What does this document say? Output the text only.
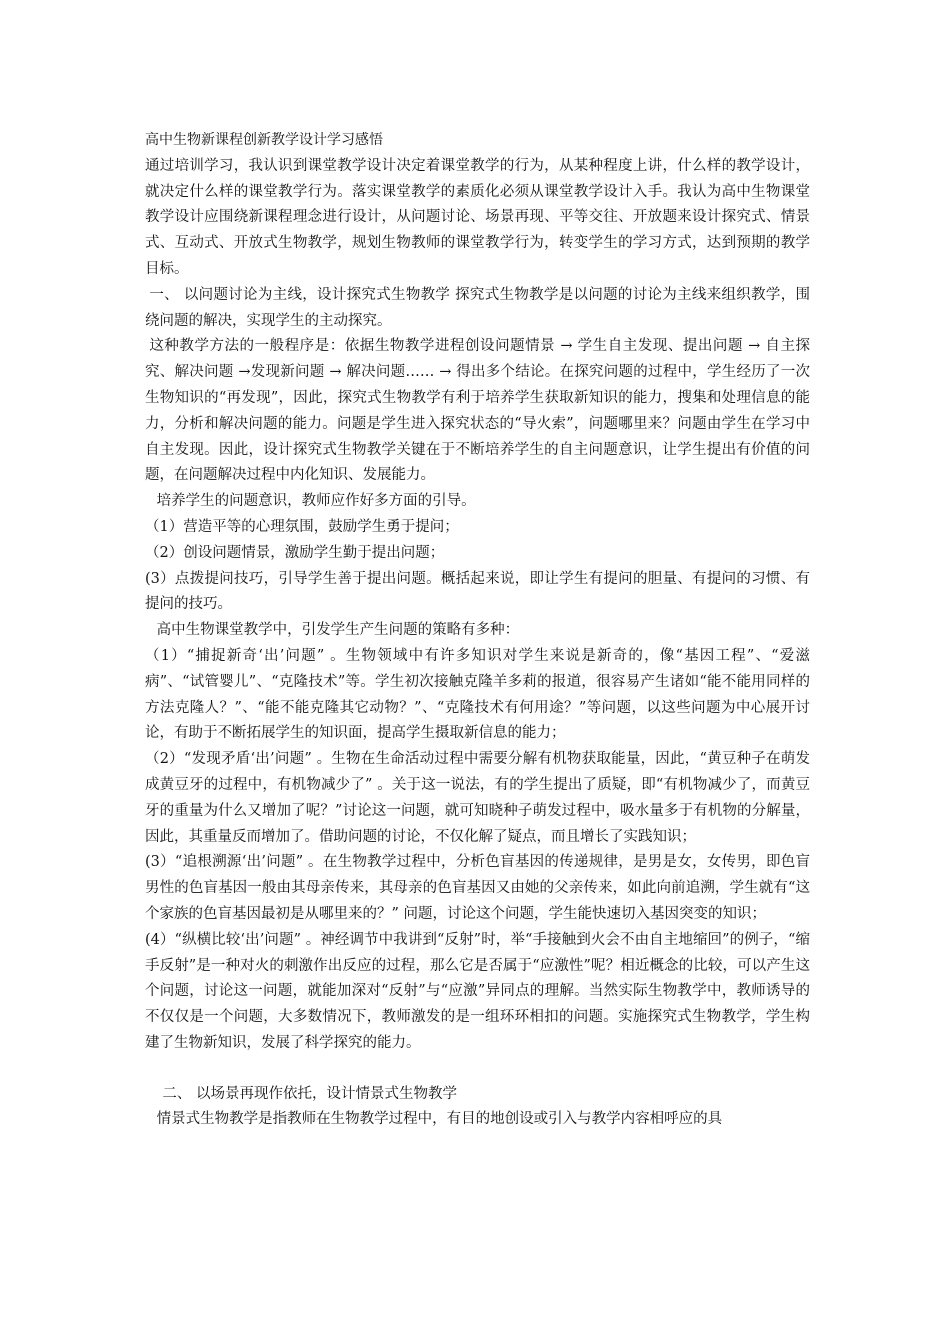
高中生物新课程创新教学设计学习感悟

通过培训学习，我认识到课堂教学设计决定着课堂教学的行为，从某种程度上讲，什么样的教学设计，就决定什么样的课堂教学行为。落实课堂教学的素质化必须从课堂教学设计入手。我认为高中生物课堂教学设计应围绕新课程理念进行设计，从问题讨论、场景再现、平等交往、开放题来设计探究式、情景式、互动式、开放式生物教学，规划生物教师的课堂教学行为，转变学生的学习方式，达到预期的教学目标。

一、 以问题讨论为主线，设计探究式生物教学 探究式生物教学是以问题的讨论为主线来组织教学，围绕问题的解决，实现学生的主动探究。

这种教学方法的一般程序是：依据生物教学进程创设问题情景 → 学生自主发现、提出问题 → 自主探究、解决问题 →发现新问题 → 解决问题…… → 得出多个结论。在探究问题的过程中，学生经历了一次生物知识的“再发现”，因此，探究式生物教学有利于培养学生获取新知识的能力，搜集和处理信息的能力，分析和解决问题的能力。问题是学生进入探究状态的“导火索”，问题哪里来？问题由学生在学习中自主发现。因此，设计探究式生物教学关键在于不断培养学生的自主问题意识，让学生提出有价值的问题，在问题解决过程中内化知识、发展能力。

培养学生的问题意识，教师应作好多方面的引导。

（1）营造平等的心理氛围，鼓励学生勇于提问；

（2）创设问题情景，激励学生勤于提出问题；

(3）点拨提问技巧，引导学生善于提出问题。概括起来说，即让学生有提问的胆量、有提问的习惯、有提问的技巧。

高中生物课堂教学中，引发学生产生问题的策略有多种：

（1）“捕捉新奇‘出’问题” 。生物领域中有许多知识对学生来说是新奇的，像“基因工程”、“爱滋病”、“试管婴儿”、“克隆技术”等。学生初次接触克隆羊多莉的报道，很容易产生诸如“能不能用同样的方法克隆人？”、“能不能克隆其它动物？”、“克隆技术有何用途？”等问题，以这些问题为中心展开讨论，有助于不断拓展学生的知识面，提高学生摄取新信息的能力；

（2）“发现矛盾‘出’问题” 。生物在生命活动过程中需要分解有机物获取能量，因此，“黄豆种子在萌发成黄豆牙的过程中，有机物减少了” 。关于这一说法，有的学生提出了质疑，即“有机物减少了，而黄豆牙的重量为什么又增加了呢？”讨论这一问题，就可知晓种子萌发过程中，吸水量多于有机物的分解量，因此，其重量反而增加了。借助问题的讨论，不仅化解了疑点，而且增长了实践知识；

(3）“追根溯源‘出’问题” 。在生物教学过程中，分析色盲基因的传递规律，是男是女，女传男，即色盲男性的色盲基因一般由其母亲传来，其母亲的色盲基因又由她的父亲传来，如此向前追溯，学生就有“这个家族的色盲基因最初是从哪里来的？” 问题，讨论这个问题，学生能快速切入基因突变的知识；

(4）“纵横比较‘出’问题” 。神经调节中我讲到“反射”时，举“手接触到火会不由自主地缩回”的例子，“缩手反射”是一种对火的刺激作出反应的过程，那么它是否属于“应激性”呢？相近概念的比较，可以产生这个问题，讨论这一问题，就能加深对“反射”与“应激”异同点的理解。当然实际生物教学中，教师诱导的不仅仅是一个问题，大多数情况下，教师激发的是一组环环相扣的问题。实施探究式生物教学，学生构建了生物新知识，发展了科学探究的能力。

二、 以场景再现作依托，设计情景式生物教学

情景式生物教学是指教师在生物教学过程中，有目的地创设或引入与教学内容相呼应的具
